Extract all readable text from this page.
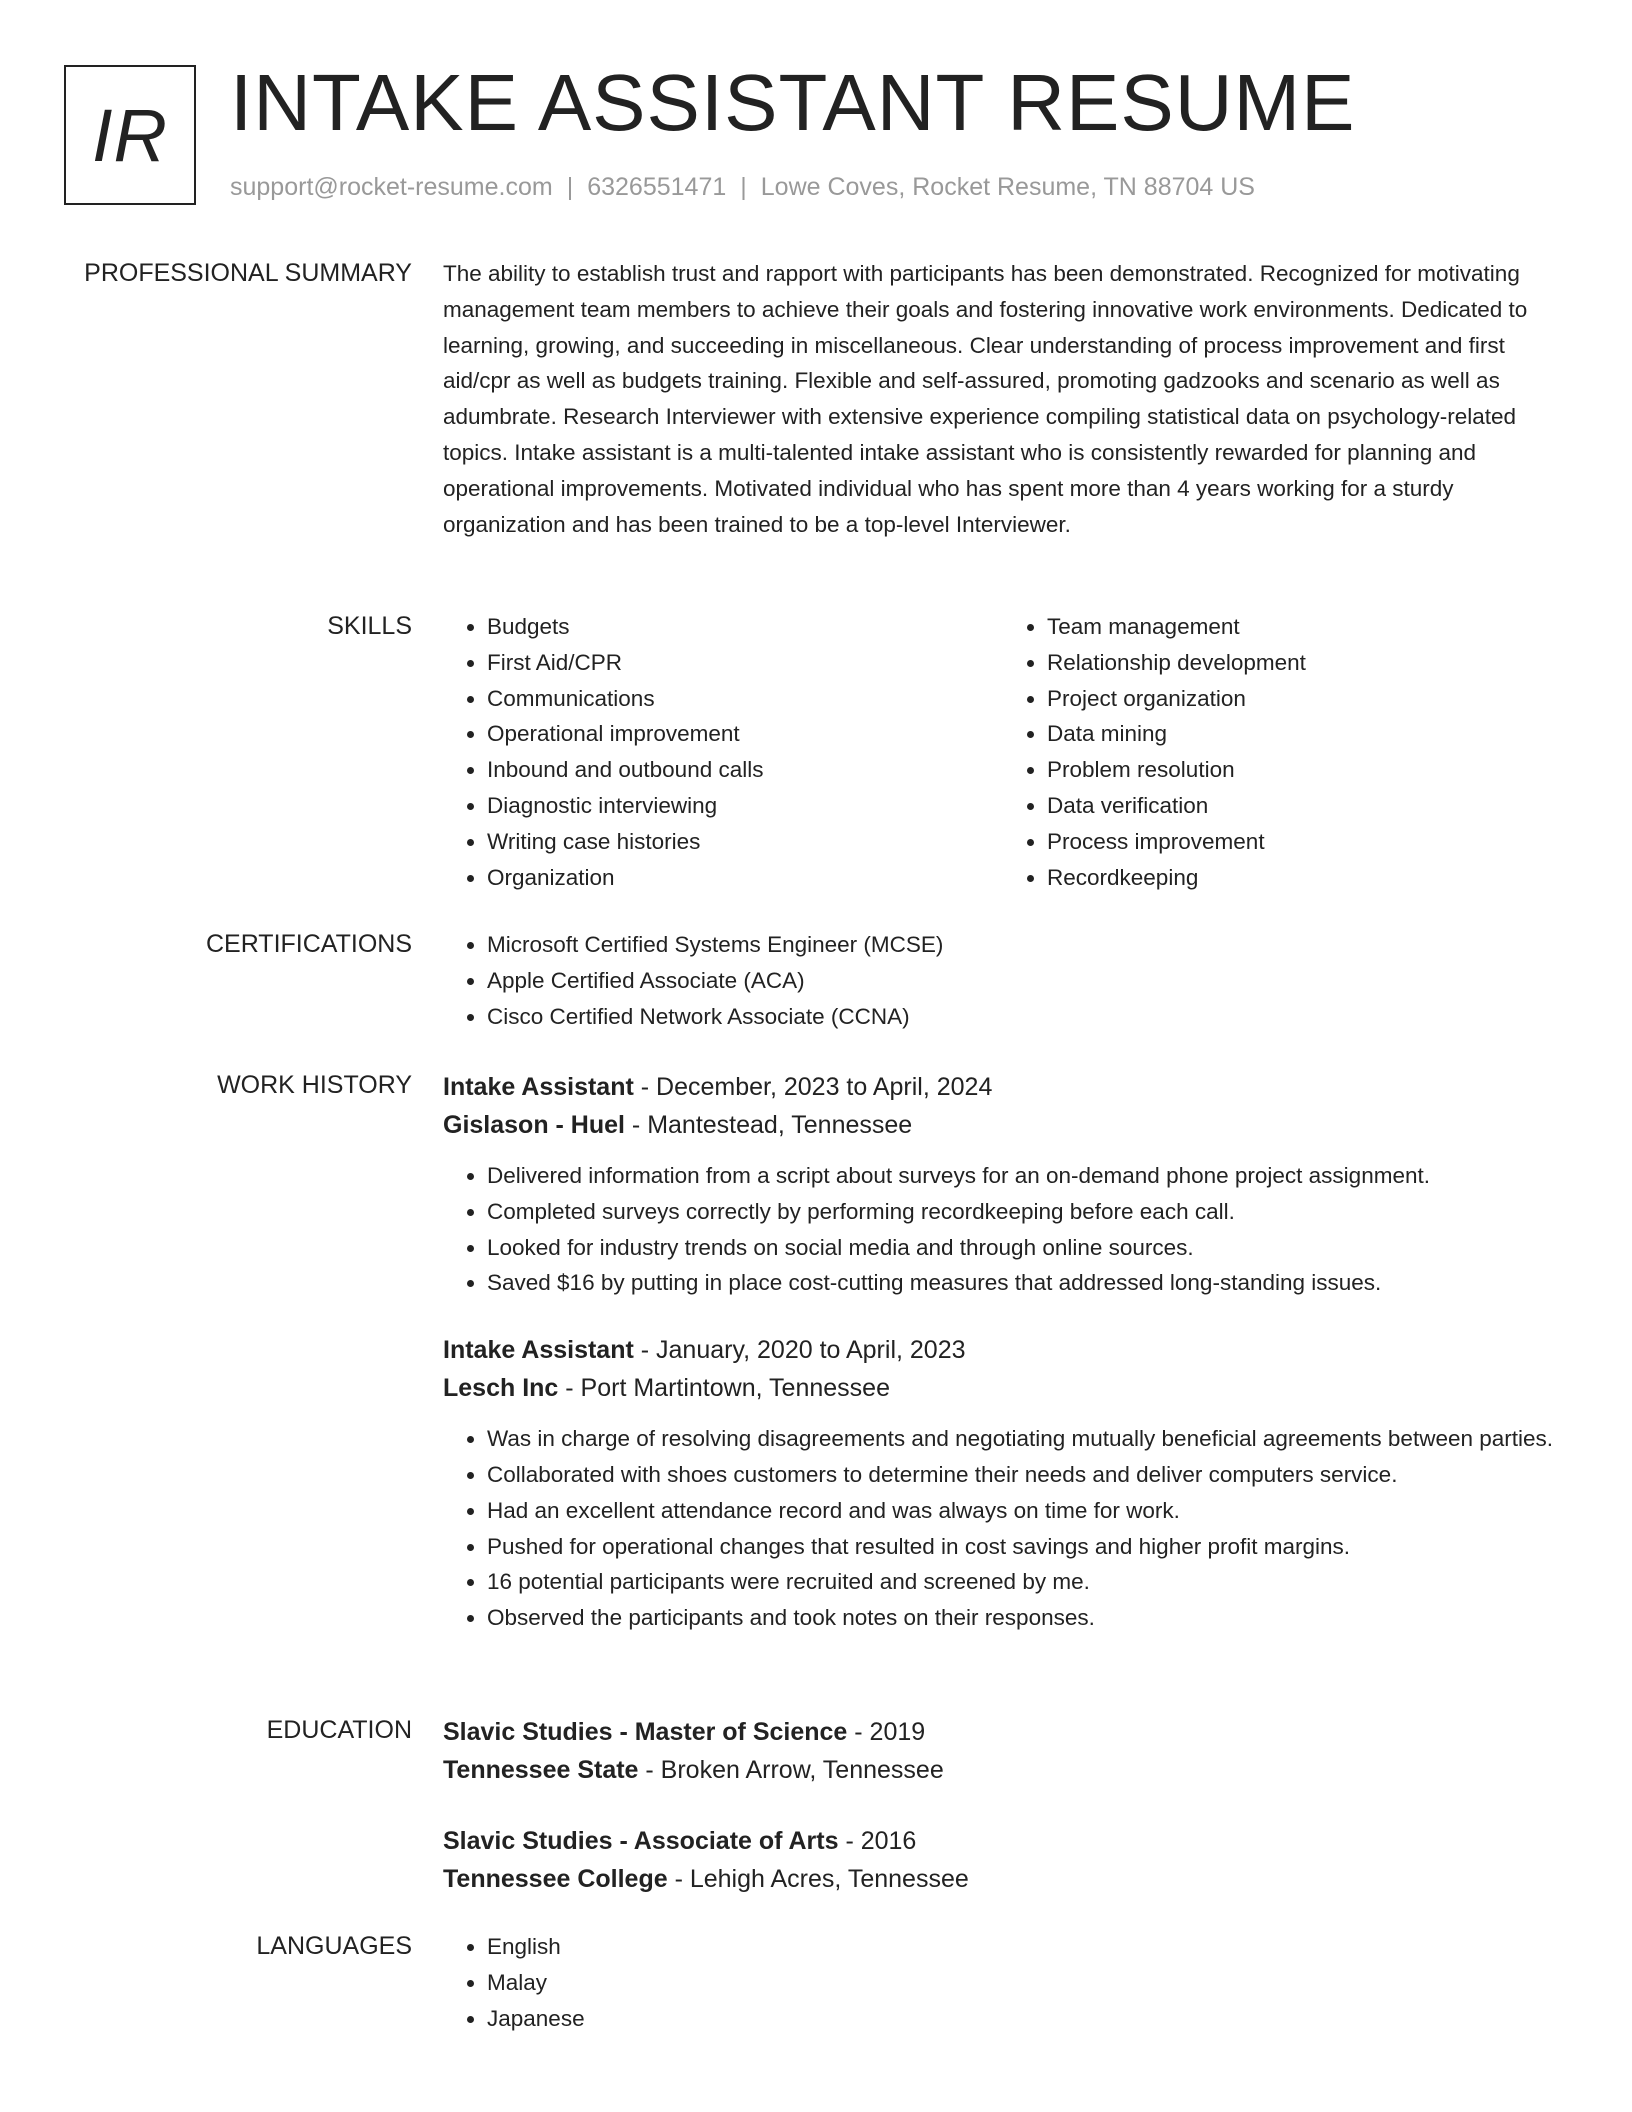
IR INTAKE ASSISTANT RESUME
support@rocket-resume.com | 6326551471 | Lowe Coves, Rocket Resume, TN 88704 US
PROFESSIONAL SUMMARY The ability to establish trust and rapport with participants has been demonstrated. Recognized for motivating management team members to achieve their goals and fostering innovative work environments. Dedicated to learning, growing, and succeeding in miscellaneous. Clear understanding of process improvement and first aid/cpr as well as budgets training. Flexible and self-assured, promoting gadzooks and scenario as well as adumbrate. Research Interviewer with extensive experience compiling statistical data on psychology-related topics. Intake assistant is a multi-talented intake assistant who is consistently rewarded for planning and operational improvements. Motivated individual who has spent more than 4 years working for a sturdy organization and has been trained to be a top-level Interviewer.

SKILLS	• Budgets
• First Aid/CPR
• Communications
• Operational improvement
• Inbound and outbound calls
• Diagnostic interviewing
• Writing case histories
• Organization
• Team management
• Relationship development
• Project organization
• Data mining
• Problem resolution
• Data verification
• Process improvement
• Recordkeeping
CERTIFICATIONS	• Microsoft Certified Systems Engineer (MCSE)
• Apple Certified Associate (ACA)
• Cisco Certified Network Associate (CCNA)
WORK HISTORY Intake Assistant - December, 2023 to April, 2024
Gislason - Huel - Mantestead, Tennessee
• Delivered information from a script about surveys for an on-demand phone project assignment.
• Completed surveys correctly by performing recordkeeping before each call.
• Looked for industry trends on social media and through online sources.
• Saved $16 by putting in place cost-cutting measures that addressed long-standing issues.
Intake Assistant - January, 2020 to April, 2023
Lesch Inc - Port Martintown, Tennessee
• Was in charge of resolving disagreements and negotiating mutually beneficial agreements between parties.
• Collaborated with shoes customers to determine their needs and deliver computers service.
• Had an excellent attendance record and was always on time for work.
• Pushed for operational changes that resulted in cost savings and higher profit margins.
• 16 potential participants were recruited and screened by me.
• Observed the participants and took notes on their responses.
EDUCATION Slavic Studies - Master of Science - 2019
Tennessee State - Broken Arrow, Tennessee
Slavic Studies - Associate of Arts - 2016
Tennessee College - Lehigh Acres, Tennessee
LANGUAGES	• English
• Malay
• Japanese
